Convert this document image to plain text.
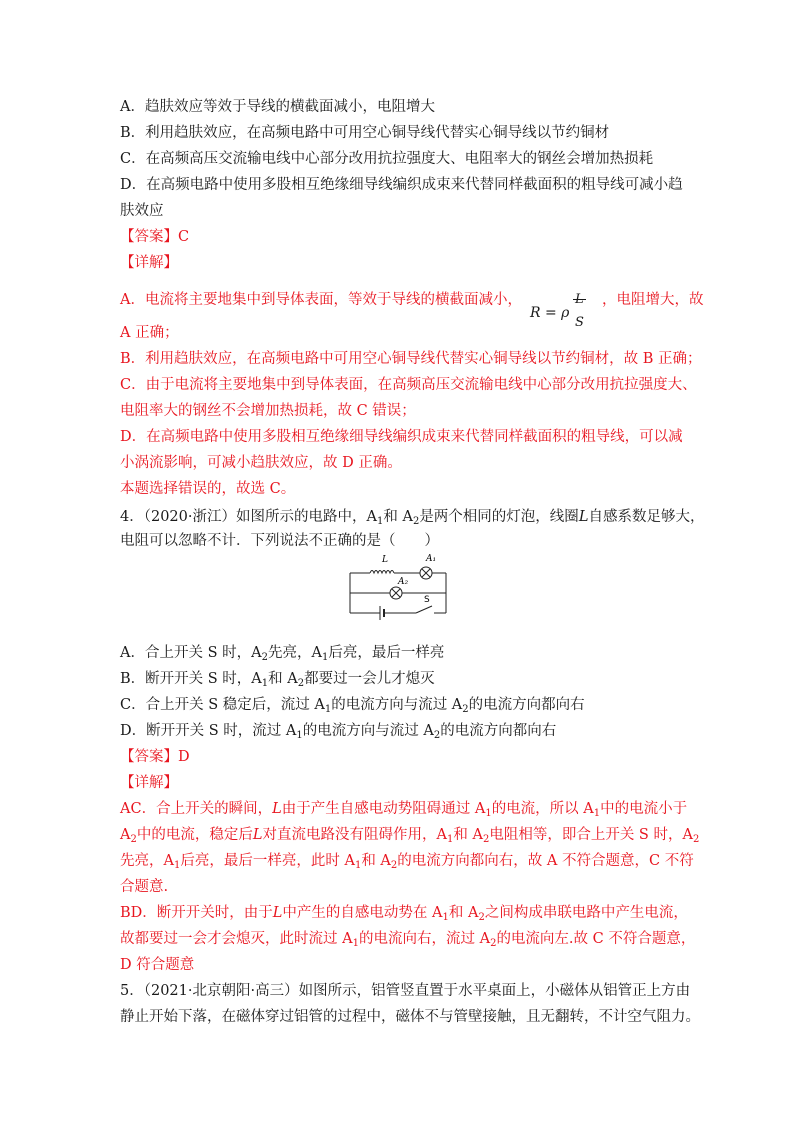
A．趋肤效应等效于导线的横截面减小，电阻增大
B．利用趋肤效应，在高频电路中可用空心铜导线代替实心铜导线以节约铜材
C．在高频高压交流输电线中心部分改用抗拉强度大、电阻率大的钢丝会增加热损耗
D．在高频电路中使用多股相互绝缘细导线编织成束来代替同样截面积的粗导线可减小趋
肤效应
【答案】C
【详解】
A．电流将主要地集中到导体表面，等效于导线的横截面减小，
R = ρ
S
，电阻增大，故
A 正确；
B．利用趋肤效应，在高频电路中可用空心铜导线代替实心铜导线以节约铜材，故 B 正确；
C．由于电流将主要地集中到导体表面，在高频高压交流输电线中心部分改用抗拉强度大、
电阻率大的钢丝不会增加热损耗，故 C 错误；
D．在高频电路中使用多股相互绝缘细导线编织成束来代替同样截面积的粗导线，可以减
小涡流影响，可减小趋肤效应，故 D 正确。
本题选择错误的，故选 C。
4．（2020·浙江）如图所示的电路中，$A_1$和 $A_2$是两个相同的灯泡，线圈L自感系数足够大，
电阻可以忽略不计．下列说法不正确的是（　　）
L	A₁
A₂
S
A．合上开关 S 时，$A_2$先亮，$A_1$后亮，最后一样亮
B．断开开关 S 时，$A_1$和 $A_2$都要过一会儿才熄灭
C．合上开关 S 稳定后，流过 $A_1$的电流方向与流过 $A_2$的电流方向都向右
D．断开开关 S 时，流过 $A_1$的电流方向与流过 $A_2$的电流方向都向右
【答案】D
【详解】
AC．合上开关的瞬间，L由于产生自感电动势阻碍通过 $A_1$的电流，所以 $A_1$中的电流小于
$A_2$中的电流，稳定后L对直流电路没有阻碍作用，$A_1$和 $A_2$电阻相等，即合上开关 S 时，$A_2$
先亮，$A_1$后亮，最后一样亮，此时 $A_1$和 $A_2$的电流方向都向右，故 A 不符合题意，C 不符
合题意.
BD．断开开关时，由于L中产生的自感电动势在 $A_1$和 $A_2$之间构成串联电路中产生电流，
故都要过一会才会熄灭，此时流过 $A_1$的电流向右，流过 $A_2$的电流向左.故 C 不符合题意，
D 符合题意
5．（2021·北京朝阳·高三）如图所示，铝管竖直置于水平桌面上，小磁体从铝管正上方由
静止开始下落，在磁体穿过铝管的过程中，磁体不与管壁接触，且无翻转，不计空气阻力。
